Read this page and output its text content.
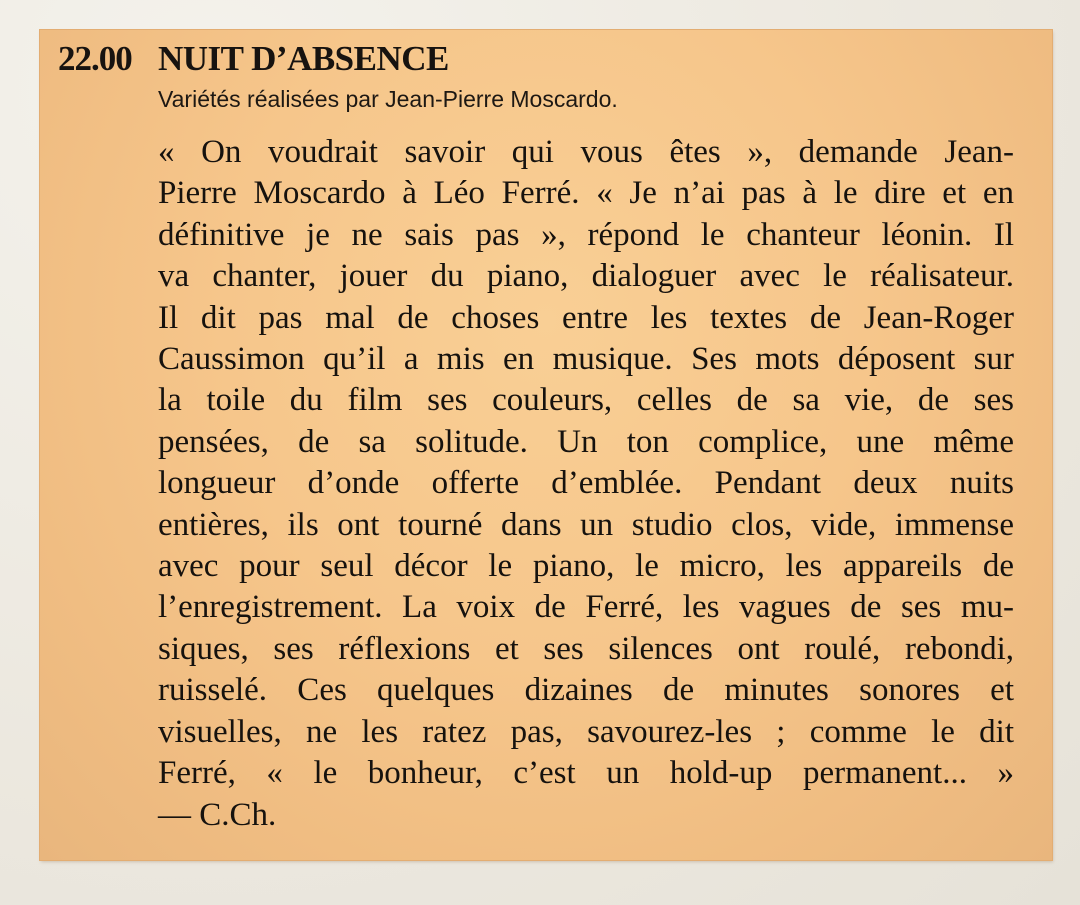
22.00 NUIT D’ABSENCE
Variétés réalisées par Jean-Pierre Moscardo.
« On voudrait savoir qui vous êtes », demande Jean-
Pierre Moscardo à Léo Ferré. « Je n’ai pas à le dire et en
définitive je ne sais pas », répond le chanteur léonin. Il
va chanter, jouer du piano, dialoguer avec le réalisateur.
Il dit pas mal de choses entre les textes de Jean-Roger
Caussimon qu’il a mis en musique. Ses mots déposent sur
la toile du film ses couleurs, celles de sa vie, de ses
pensées, de sa solitude. Un ton complice, une même
longueur d’onde offerte d’emblée. Pendant deux nuits
entières, ils ont tourné dans un studio clos, vide, immense
avec pour seul décor le piano, le micro, les appareils de
l’enregistrement. La voix de Ferré, les vagues de ses mu-
siques, ses réflexions et ses silences ont roulé, rebondi,
ruisselé. Ces quelques dizaines de minutes sonores et
visuelles, ne les ratez pas, savourez-les ; comme le dit
Ferré, « le bonheur, c’est un hold-up permanent... »
— C.Ch.
